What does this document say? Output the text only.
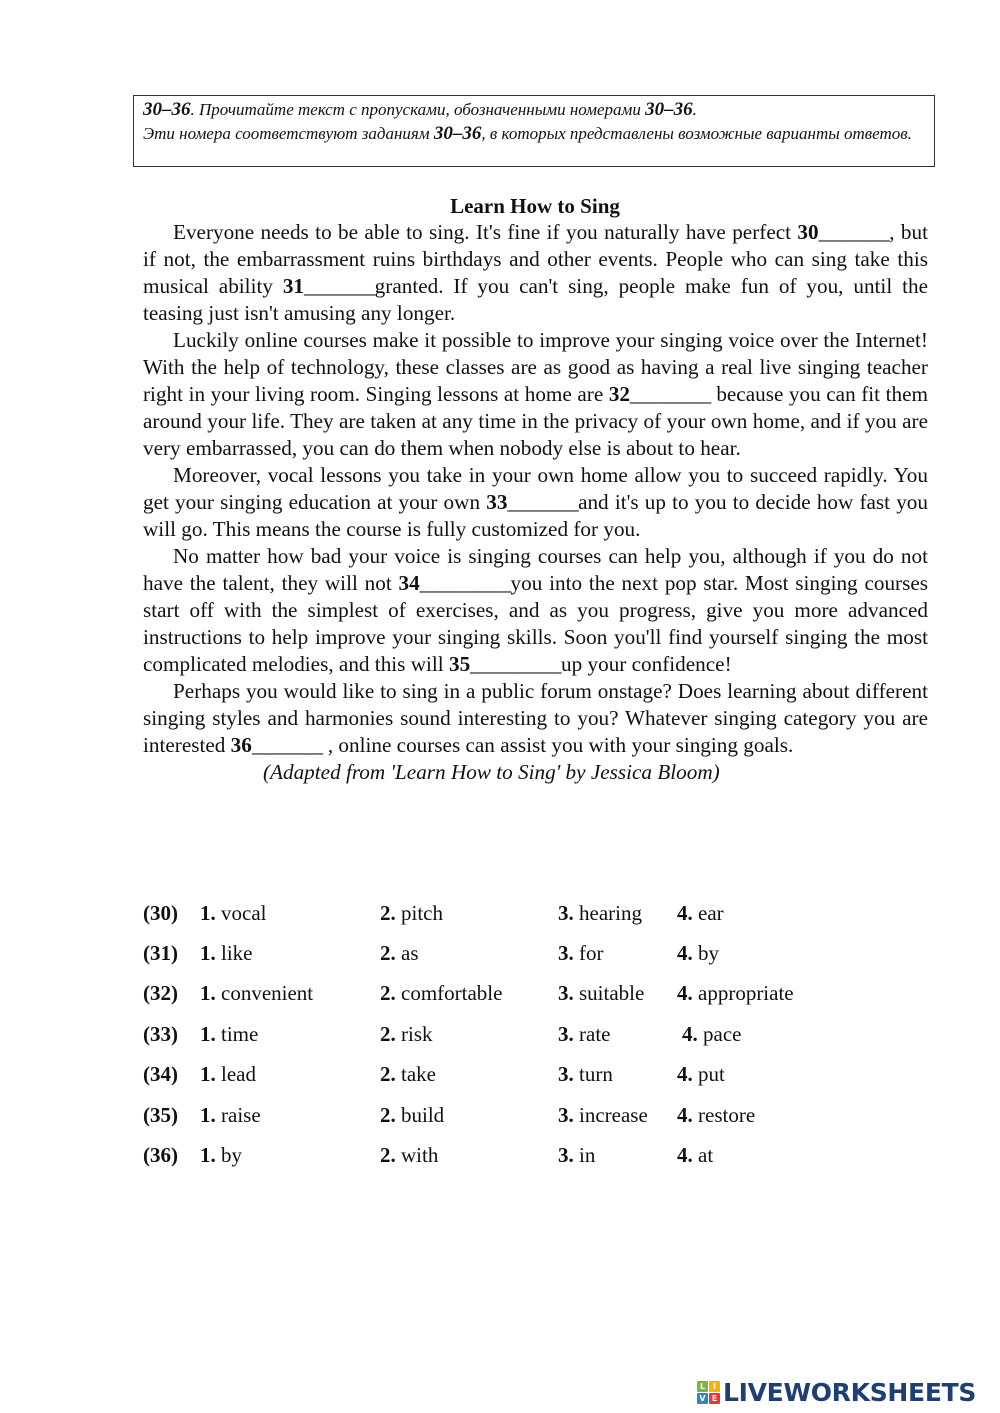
30–36. Прочитайте текст с пропусками, обозначенными номерами 30–36.
Эти номера соответствуют заданиям 30–36, в которых представлены возможные варианты ответов.
Learn How to Sing

Everyone needs to be able to sing. It's fine if you naturally have perfect 30_______, but if not, the embarrassment ruins birthdays and other events. People who can sing take this musical ability 31_______granted. If you can't sing, people make fun of you, until the teasing just isn't amusing any longer.

Luckily online courses make it possible to improve your singing voice over the Internet! With the help of technology, these classes are as good as having a real live singing teacher right in your living room. Singing lessons at home are 32________ because you can fit them around your life. They are taken at any time in the privacy of your own home, and if you are very embarrassed, you can do them when nobody else is about to hear.

Moreover, vocal lessons you take in your own home allow you to succeed rapidly. You get your singing education at your own 33_______and it's up to you to decide how fast you will go. This means the course is fully customized for you.

No matter how bad your voice is singing courses can help you, although if you do not have the talent, they will not 34_________you into the next pop star. Most singing courses start off with the simplest of exercises, and as you progress, give you more advanced instructions to help improve your singing skills. Soon you'll find yourself singing the most complicated melodies, and this will 35_________up your confidence!

Perhaps you would like to sing in a public forum onstage? Does learning about different singing styles and harmonies sound interesting to you? Whatever singing category you are interested 36_______ , online courses can assist you with your singing goals.

(Adapted from 'Learn How to Sing' by Jessica Bloom)

(30)	1. vocal	2. pitch	3. hearing	4. ear
(31)	1. like	2. as	3. for	4. by
(32)	1. convenient	2. comfortable	3. suitable	4. appropriate
(33)	1. time	2. risk	3. rate	4. pace
(34)	1. lead	2. take	3. turn	4. put
(35)	1. raise	2. build	3. increase	4. restore
(36)	1. by	2. with	3. in	4. at
L I
V E LIVEWORKSHEETS
